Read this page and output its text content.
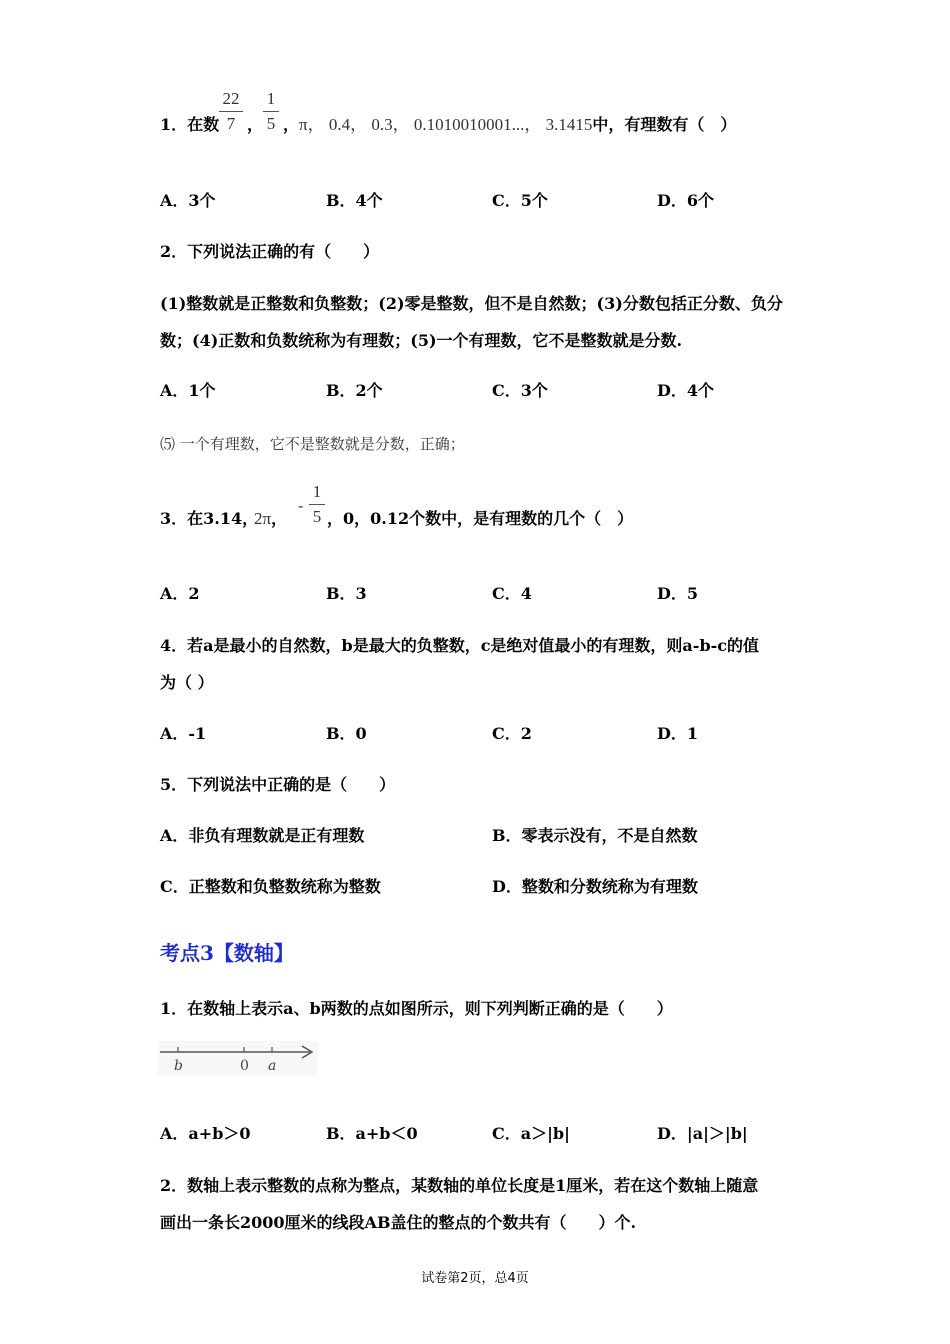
1．在数
22
7 ，
1
5 ，π， 0.4， 0.3， 0.1010010001...， 3.1415中，有理数有（　）
A．3个	B．4个	C．5个	D．6个
2．下列说法正确的有（　　）
(1)整数就是正整数和负整数；(2)零是整数，但不是自然数；(3)分数包括正分数、负分
数；(4)正数和负数统称为有理数；(5)一个有理数，它不是整数就是分数.
A．1个	B．2个	C．3个	D．4个
⑸ 一个有理数，它不是整数就是分数，正确；
3．在3.14，
2π，
-
1
5 ，0，0.12个数中，是有理数的几个（　）
A．2	B．3	C．4	D．5
4．若a是最小的自然数，b是最大的负整数，c是绝对值最小的有理数，则a-b-c的值
为（ ）
A．-1	B．0	C．2	D．1
5．下列说法中正确的是（　　）
A．非负有理数就是正有理数	B．零表示没有，不是自然数
C．正整数和负整数统称为整数	D．整数和分数统称为有理数
考点3【数轴】
1．在数轴上表示a、b两数的点如图所示，则下列判断正确的是（　　）
b	0 a
A．a+b＞0	B．a+b＜0	C．a＞|b|	D．|a|＞|b|
2．数轴上表示整数的点称为整点，某数轴的单位长度是1厘米，若在这个数轴上随意
画出一条长2000厘米的线段AB盖住的整点的个数共有（　　）个.
试卷第2页，总4页
